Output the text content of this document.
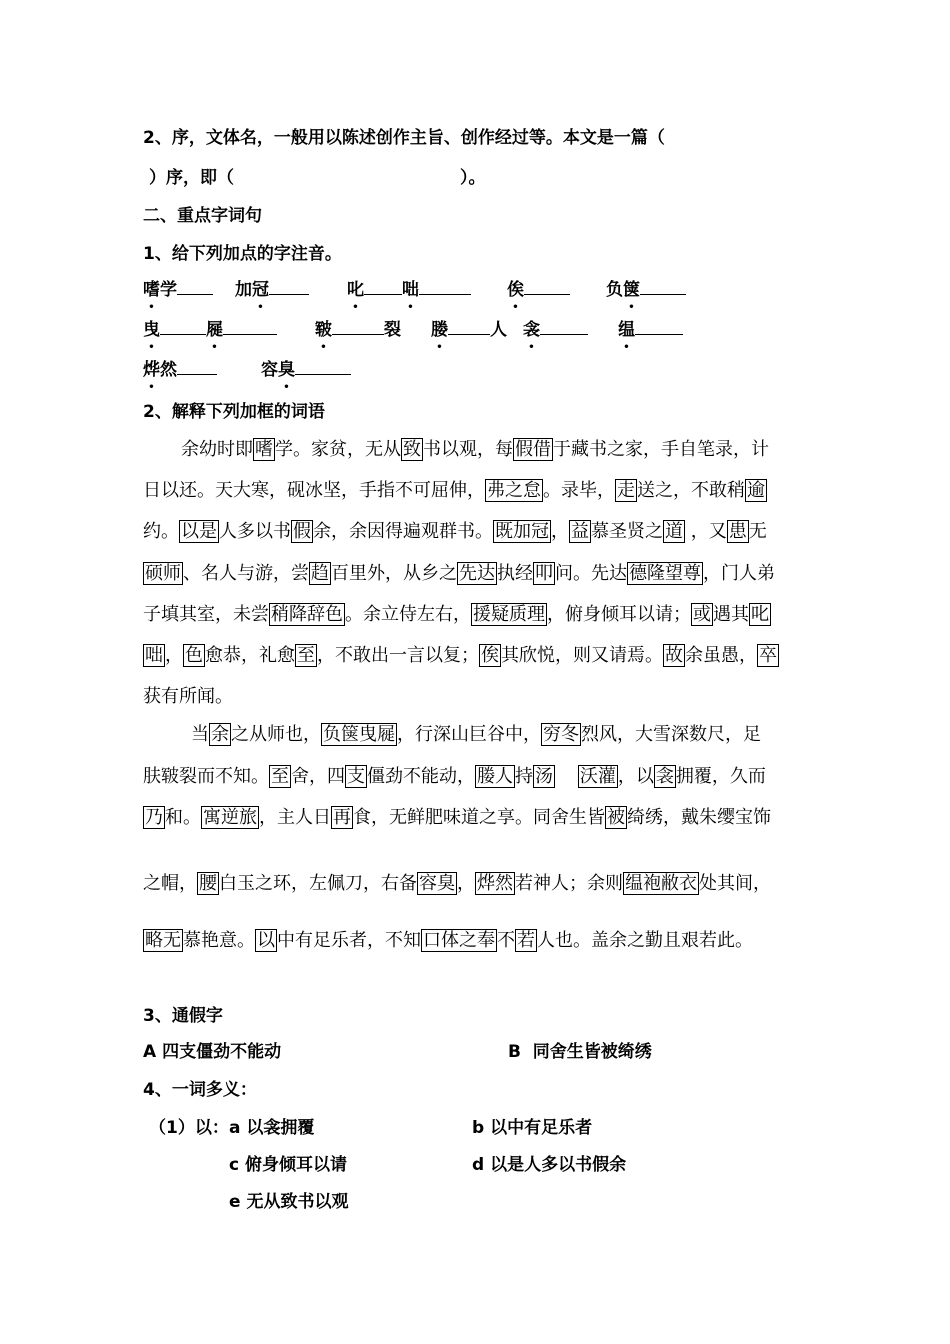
2、序，文体名，一般用以陈述创作主旨、创作经过等。本文是一篇（
）序，即（	）。
二、重点字词句
1、给下列加点的字注音。
嗜学	加冠	叱 咄	俟	负箧
曳	屣	皲	裂 媵 人 衾	缊
烨然	容臭
2、解释下列加框的词语
余幼时即 嗜 学。家贫，无从 致 书以观，每 假借 于藏书之家，手自笔录，计
日以还。天大寒，砚冰坚，手指不可屈伸， 弗之怠 。录毕， 走 送之，不敢稍 逾
约。 以是 人多以书 假 余，余因得遍观群书。 既加冠 ， 益 慕圣贤之 道 ，又 患 无
硕师 、名人与游，尝 趋 百里外，从乡之 先达 执经 叩 问。先达 德隆望尊 ，门人弟
子填其室，未尝 稍降辞色 。余立侍左右， 援疑质理 ，俯身倾耳以请； 或 遇其 叱
咄 ， 色 愈恭，礼愈 至 ，不敢出一言以复； 俟 其欣悦，则又请焉。 故 余虽愚， 卒
获有所闻。
当 余 之从师也， 负箧曳屣 ，行深山巨谷中， 穷冬 烈风，大雪深数尺，足
肤皲裂而不知。 至 舍，四 支 僵劲不能动， 媵人 持 汤 沃灌 ，以 衾 拥覆，久而
乃 和。 寓逆旅 ，主人日 再 食，无鲜肥味道之享。同舍生皆 被 绮绣，戴朱缨宝饰
之帽， 腰 白玉之环，左佩刀，右备 容臭 ， 烨然 若神人；余则 缊袍敝衣 处其间，
略无 慕艳意。 以 中有足乐者，不知 口体之奉 不 若 人也。盖余之勤且艰若此。
3、通假字
A 四支僵劲不能动	B  同舍生皆被绮绣
4、一词多义：
（1）以： a 以衾拥覆	b 以中有足乐者
c 俯身倾耳以请	d 以是人多以书假余
e 无从致书以观
